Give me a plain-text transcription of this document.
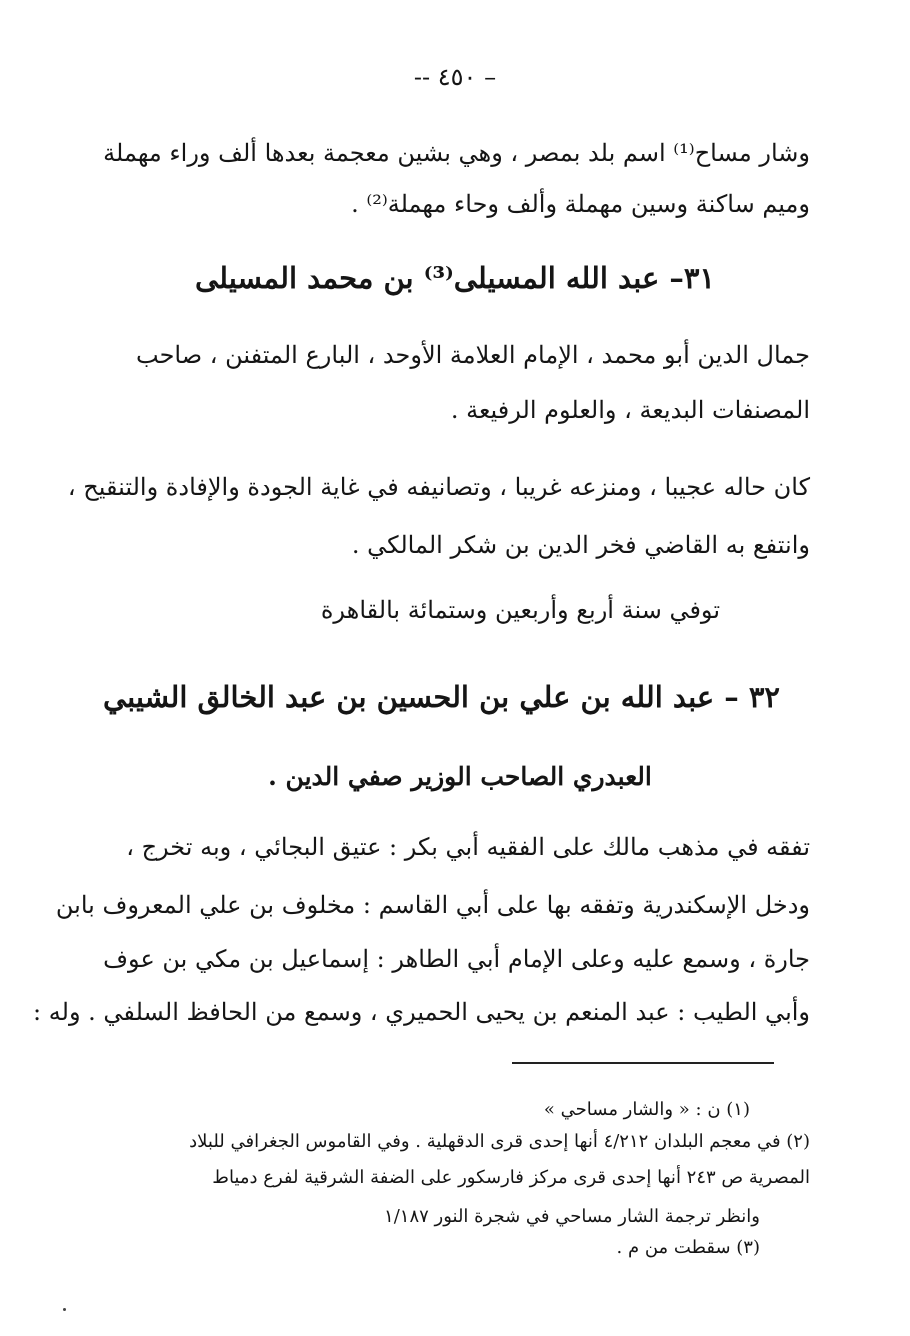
– ٤٥٠ --
وشار مساح⁽¹⁾ اسم بلد بمصر ، وهي بشين معجمة بعدها ألف وراء مهملة
وميم ساكنة وسين مهملة وألف وحاء مهملة⁽²⁾ .
٣١– عبد الله المسيلى⁽³⁾ بن محمد المسيلى
جمال الدين أبو محمد ، الإمام العلامة الأوحد ، البارع المتفنن ، صاحب
المصنفات البديعة ، والعلوم الرفيعة .
كان حاله عجيبا ، ومنزعه غريبا ، وتصانيفه في غاية الجودة والإفادة والتنقيح ،
وانتفع به القاضي فخر الدين بن شكر المالكي .
توفي سنة أربع وأربعين وستمائة بالقاهرة
٣٢ – عبد الله بن علي بن الحسين بن عبد الخالق الشيبي
العبدري الصاحب الوزير صفي الدين .
تفقه في مذهب مالك على الفقيه أبي بكر : عتيق البجائي ، وبه تخرج ،
ودخل الإسكندرية وتفقه بها على أبي القاسم : مخلوف بن علي المعروف بابن
جارة ، وسمع عليه وعلى الإمام أبي الطاهر : إسماعيل بن مكي بن عوف
وأبي الطيب : عبد المنعم بن يحيى الحميري ، وسمع من الحافظ السلفي . وله :
(١) ن : « والشار مساحي »
(٢) في معجم البلدان ٤/٢١٢ أنها إحدى قرى الدقهلية . وفي القاموس الجغرافي للبلاد
المصرية ص ٢٤٣ أنها إحدى قرى مركز فارسكور على الضفة الشرقية لفرع دمياط
وانظر ترجمة الشار مساحي في شجرة النور ١/١٨٧
(٣) سقطت من م .
